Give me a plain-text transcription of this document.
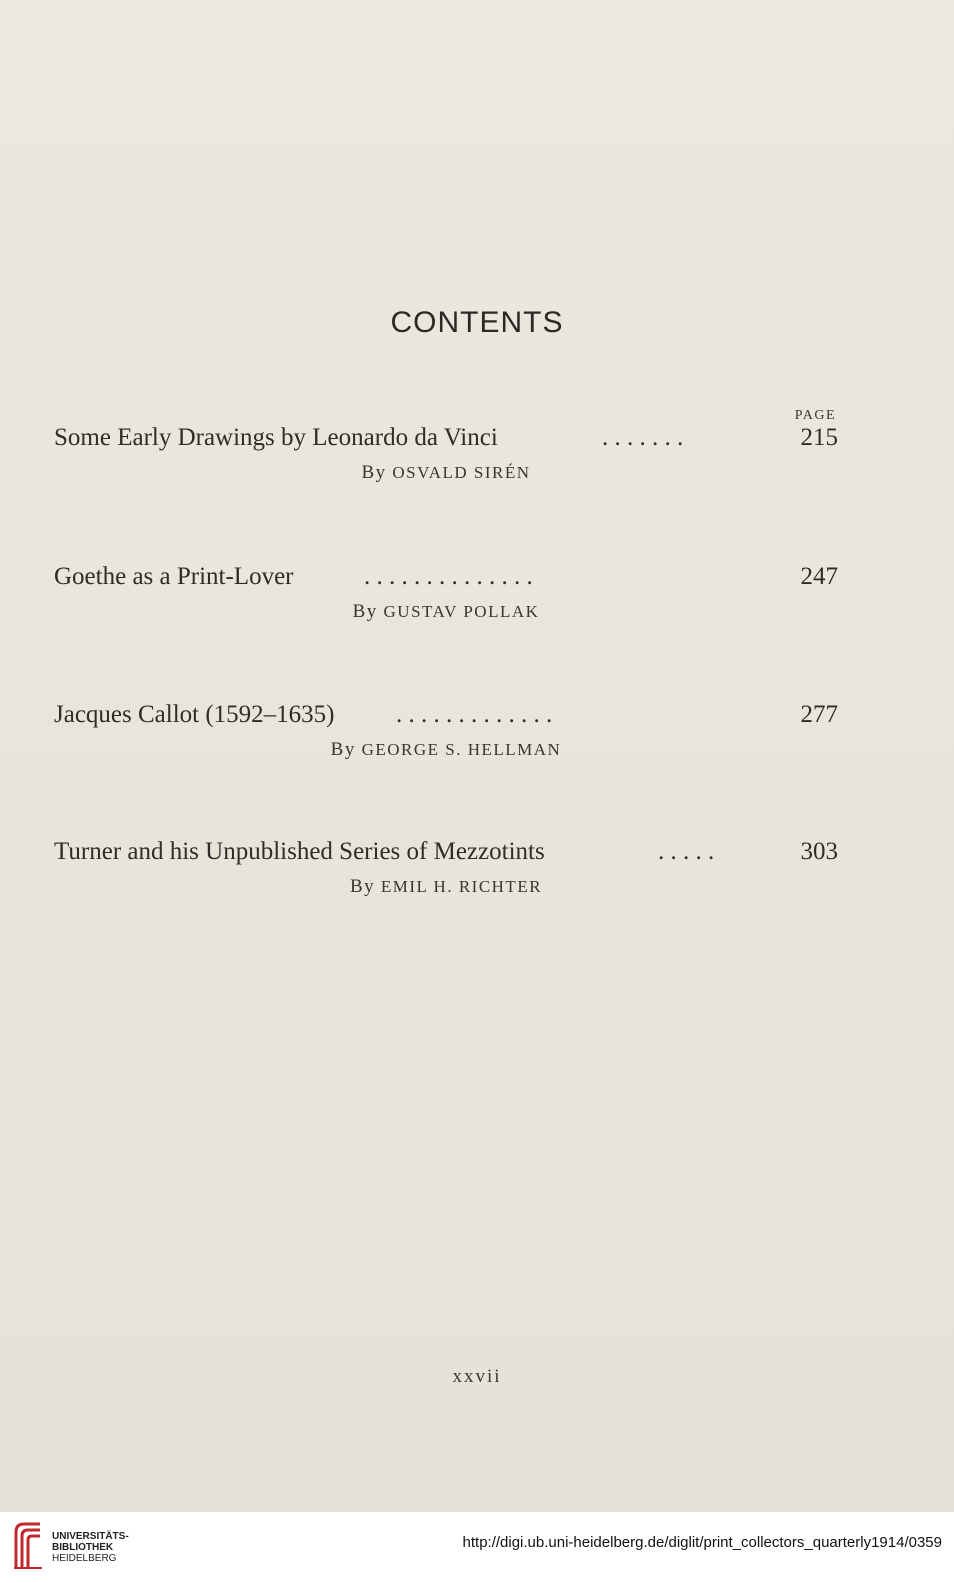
CONTENTS
PAGE
Some Early Drawings by Leonardo da Vinci	. . . . . . .	215
By OSVALD SIRÉN
Goethe as a Print-Lover	. . . . . . . . . . . . . .	247
By GUSTAV POLLAK
Jacques Callot (1592–1635) . . . . . . . . . . . . .	277
By GEORGE S. HELLMAN
Turner and his Unpublished Series of Mezzotints	. . . . .	303
By EMIL H. RICHTER
xxvii
UNIVERSITÄTS-
BIBLIOTHEK
HEIDELBERG
http://digi.ub.uni-heidelberg.de/diglit/print_collectors_quarterly1914/0359
